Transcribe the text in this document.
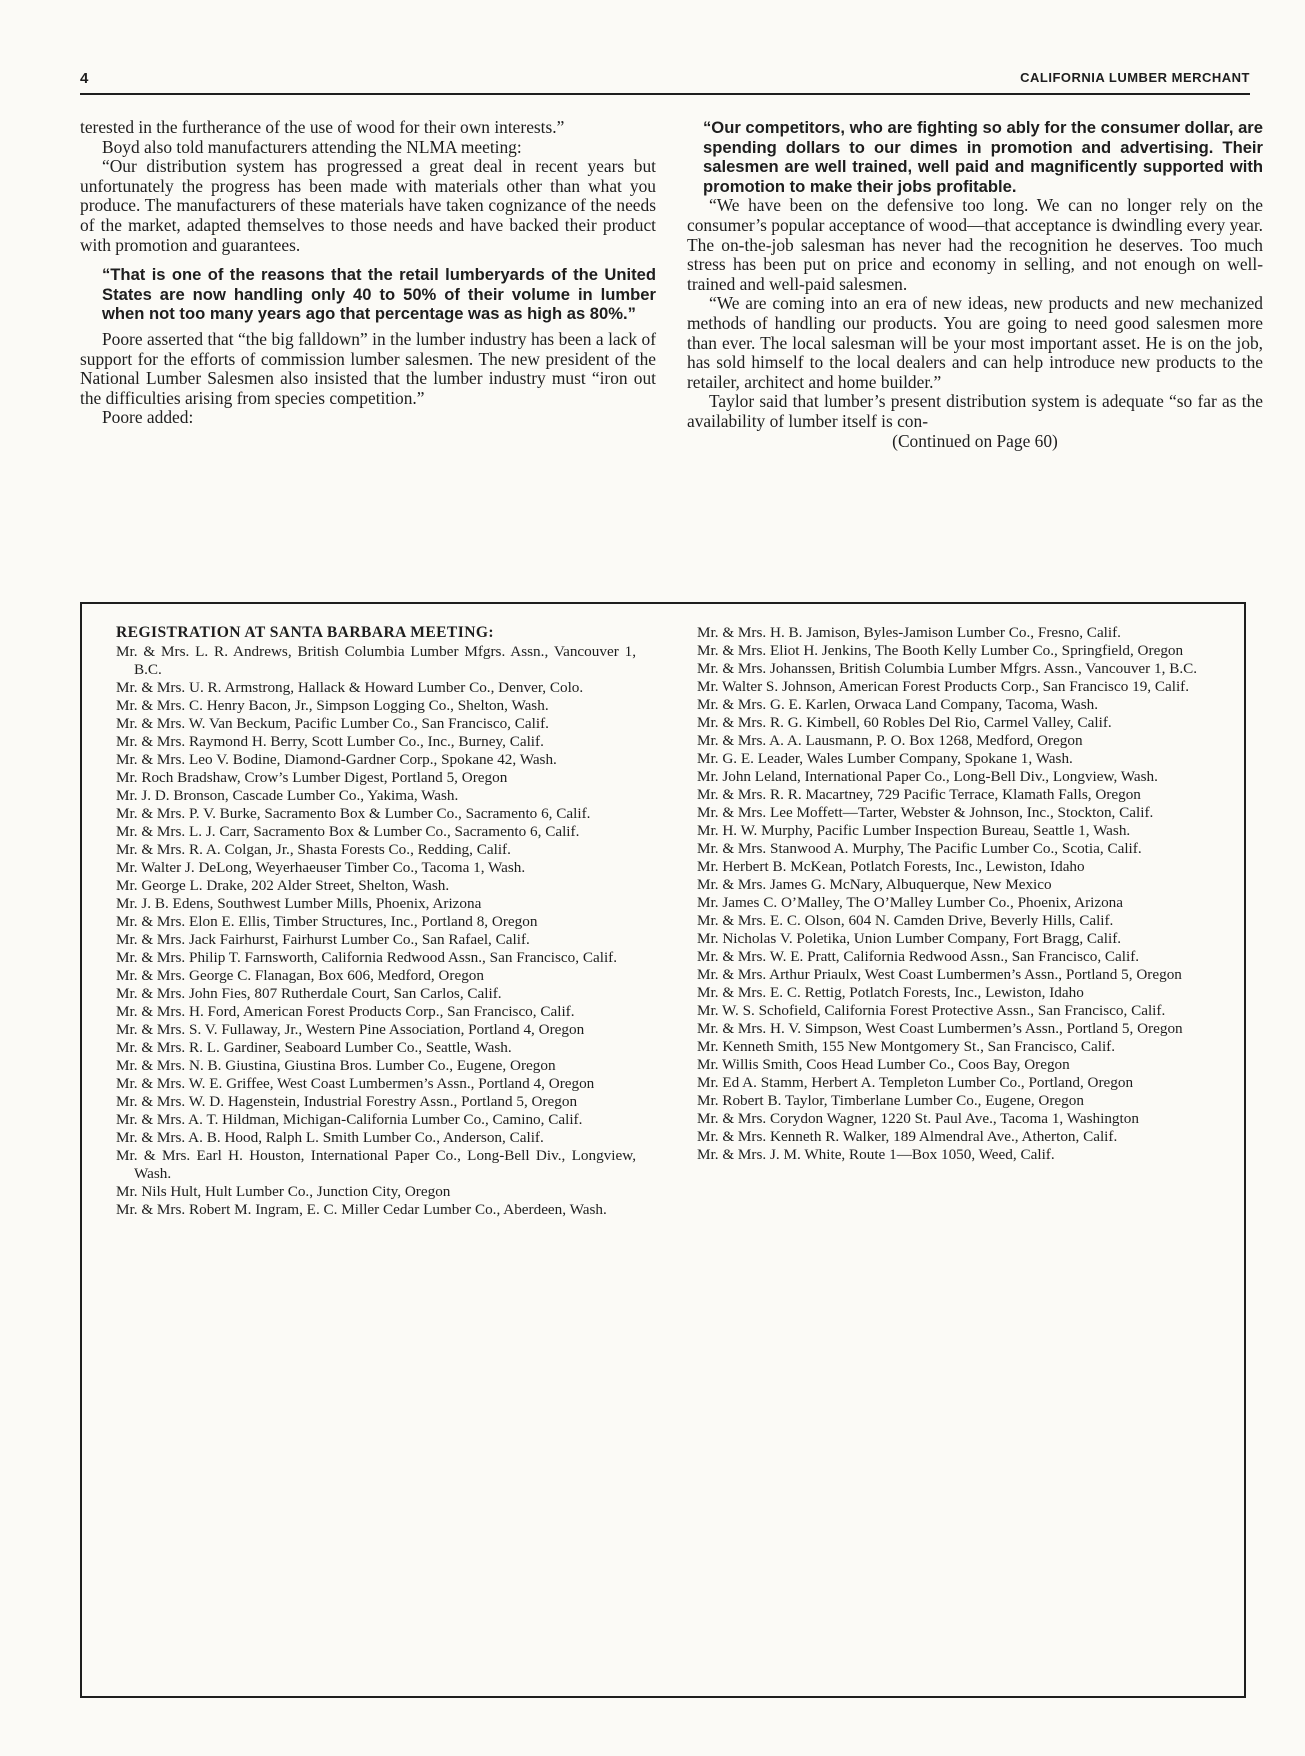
4	CALIFORNIA LUMBER MERCHANT

terested in the furtherance of the use of wood for their own interests.”

Boyd also told manufacturers attending the NLMA meeting:

“Our distribution system has progressed a great deal in recent years but unfortunately the progress has been made with materials other than what you produce. The manufacturers of these materials have taken cognizance of the needs of the market, adapted themselves to those needs and have backed their product with promotion and guarantees.

“That is one of the reasons that the retail lumberyards of the United States are now handling only 40 to 50% of their volume in lumber when not too many years ago that percentage was as high as 80%.”

Poore asserted that “the big falldown” in the lumber industry has been a lack of support for the efforts of commission lumber salesmen. The new president of the National Lumber Salesmen also insisted that the lumber industry must “iron out the difficulties arising from species competition.”

Poore added:

“Our competitors, who are fighting so ably for the consumer dollar, are spending dollars to our dimes in promotion and advertising. Their salesmen are well trained, well paid and magnificently supported with promotion to make their jobs profitable.

“We have been on the defensive too long. We can no longer rely on the consumer’s popular acceptance of wood—that acceptance is dwindling every year. The on-the-job salesman has never had the recognition he deserves. Too much stress has been put on price and economy in selling, and not enough on well-trained and well-paid salesmen.

“We are coming into an era of new ideas, new products and new mechanized methods of handling our products. You are going to need good salesmen more than ever. The local salesman will be your most important asset. He is on the job, has sold himself to the local dealers and can help introduce new products to the retailer, architect and home builder.”

Taylor said that lumber’s present distribution system is adequate “so far as the availability of lumber itself is con-

(Continued on Page 60)

REGISTRATION AT SANTA BARBARA MEETING:
Mr. & Mrs. L. R. Andrews, British Columbia Lumber Mfgrs. Assn., Vancouver 1, B.C.
Mr. & Mrs. U. R. Armstrong, Hallack & Howard Lumber Co., Denver, Colo.
Mr. & Mrs. C. Henry Bacon, Jr., Simpson Logging Co., Shelton, Wash.
Mr. & Mrs. W. Van Beckum, Pacific Lumber Co., San Francisco, Calif.
Mr. & Mrs. Raymond H. Berry, Scott Lumber Co., Inc., Burney, Calif.
Mr. & Mrs. Leo V. Bodine, Diamond-Gardner Corp., Spokane 42, Wash.
Mr. Roch Bradshaw, Crow’s Lumber Digest, Portland 5, Oregon
Mr. J. D. Bronson, Cascade Lumber Co., Yakima, Wash.
Mr. & Mrs. P. V. Burke, Sacramento Box & Lumber Co., Sacramento 6, Calif.
Mr. & Mrs. L. J. Carr, Sacramento Box & Lumber Co., Sacramento 6, Calif.
Mr. & Mrs. R. A. Colgan, Jr., Shasta Forests Co., Redding, Calif.
Mr. Walter J. DeLong, Weyerhaeuser Timber Co., Tacoma 1, Wash.
Mr. George L. Drake, 202 Alder Street, Shelton, Wash.
Mr. J. B. Edens, Southwest Lumber Mills, Phoenix, Arizona
Mr. & Mrs. Elon E. Ellis, Timber Structures, Inc., Portland 8, Oregon
Mr. & Mrs. Jack Fairhurst, Fairhurst Lumber Co., San Rafael, Calif.
Mr. & Mrs. Philip T. Farnsworth, California Redwood Assn., San Francisco, Calif.
Mr. & Mrs. George C. Flanagan, Box 606, Medford, Oregon
Mr. & Mrs. John Fies, 807 Rutherdale Court, San Carlos, Calif.
Mr. & Mrs. H. Ford, American Forest Products Corp., San Francisco, Calif.
Mr. & Mrs. S. V. Fullaway, Jr., Western Pine Association, Portland 4, Oregon
Mr. & Mrs. R. L. Gardiner, Seaboard Lumber Co., Seattle, Wash.
Mr. & Mrs. N. B. Giustina, Giustina Bros. Lumber Co., Eugene, Oregon
Mr. & Mrs. W. E. Griffee, West Coast Lumbermen’s Assn., Portland 4, Oregon
Mr. & Mrs. W. D. Hagenstein, Industrial Forestry Assn., Portland 5, Oregon
Mr. & Mrs. A. T. Hildman, Michigan-California Lumber Co., Camino, Calif.
Mr. & Mrs. A. B. Hood, Ralph L. Smith Lumber Co., Anderson, Calif.
Mr. & Mrs. Earl H. Houston, International Paper Co., Long-Bell Div., Longview, Wash.
Mr. Nils Hult, Hult Lumber Co., Junction City, Oregon
Mr. & Mrs. Robert M. Ingram, E. C. Miller Cedar Lumber Co., Aberdeen, Wash.
Mr. & Mrs. H. B. Jamison, Byles-Jamison Lumber Co., Fresno, Calif.
Mr. & Mrs. Eliot H. Jenkins, The Booth Kelly Lumber Co., Springfield, Oregon
Mr. & Mrs. Johanssen, British Columbia Lumber Mfgrs. Assn., Vancouver 1, B.C.
Mr. Walter S. Johnson, American Forest Products Corp., San Francisco 19, Calif.
Mr. & Mrs. G. E. Karlen, Orwaca Land Company, Tacoma, Wash.
Mr. & Mrs. R. G. Kimbell, 60 Robles Del Rio, Carmel Valley, Calif.
Mr. & Mrs. A. A. Lausmann, P. O. Box 1268, Medford, Oregon
Mr. G. E. Leader, Wales Lumber Company, Spokane 1, Wash.
Mr. John Leland, International Paper Co., Long-Bell Div., Longview, Wash.
Mr. & Mrs. R. R. Macartney, 729 Pacific Terrace, Klamath Falls, Oregon
Mr. & Mrs. Lee Moffett—Tarter, Webster & Johnson, Inc., Stockton, Calif.
Mr. H. W. Murphy, Pacific Lumber Inspection Bureau, Seattle 1, Wash.
Mr. & Mrs. Stanwood A. Murphy, The Pacific Lumber Co., Scotia, Calif.
Mr. Herbert B. McKean, Potlatch Forests, Inc., Lewiston, Idaho
Mr. & Mrs. James G. McNary, Albuquerque, New Mexico
Mr. James C. O’Malley, The O’Malley Lumber Co., Phoenix, Arizona
Mr. & Mrs. E. C. Olson, 604 N. Camden Drive, Beverly Hills, Calif.
Mr. Nicholas V. Poletika, Union Lumber Company, Fort Bragg, Calif.
Mr. & Mrs. W. E. Pratt, California Redwood Assn., San Francisco, Calif.
Mr. & Mrs. Arthur Priaulx, West Coast Lumbermen’s Assn., Portland 5, Oregon
Mr. & Mrs. E. C. Rettig, Potlatch Forests, Inc., Lewiston, Idaho
Mr. W. S. Schofield, California Forest Protective Assn., San Francisco, Calif.
Mr. & Mrs. H. V. Simpson, West Coast Lumbermen’s Assn., Portland 5, Oregon
Mr. Kenneth Smith, 155 New Montgomery St., San Francisco, Calif.
Mr. Willis Smith, Coos Head Lumber Co., Coos Bay, Oregon
Mr. Ed A. Stamm, Herbert A. Templeton Lumber Co., Portland, Oregon
Mr. Robert B. Taylor, Timberlane Lumber Co., Eugene, Oregon
Mr. & Mrs. Corydon Wagner, 1220 St. Paul Ave., Tacoma 1, Washington
Mr. & Mrs. Kenneth R. Walker, 189 Almendral Ave., Atherton, Calif.
Mr. & Mrs. J. M. White, Route 1—Box 1050, Weed, Calif.
